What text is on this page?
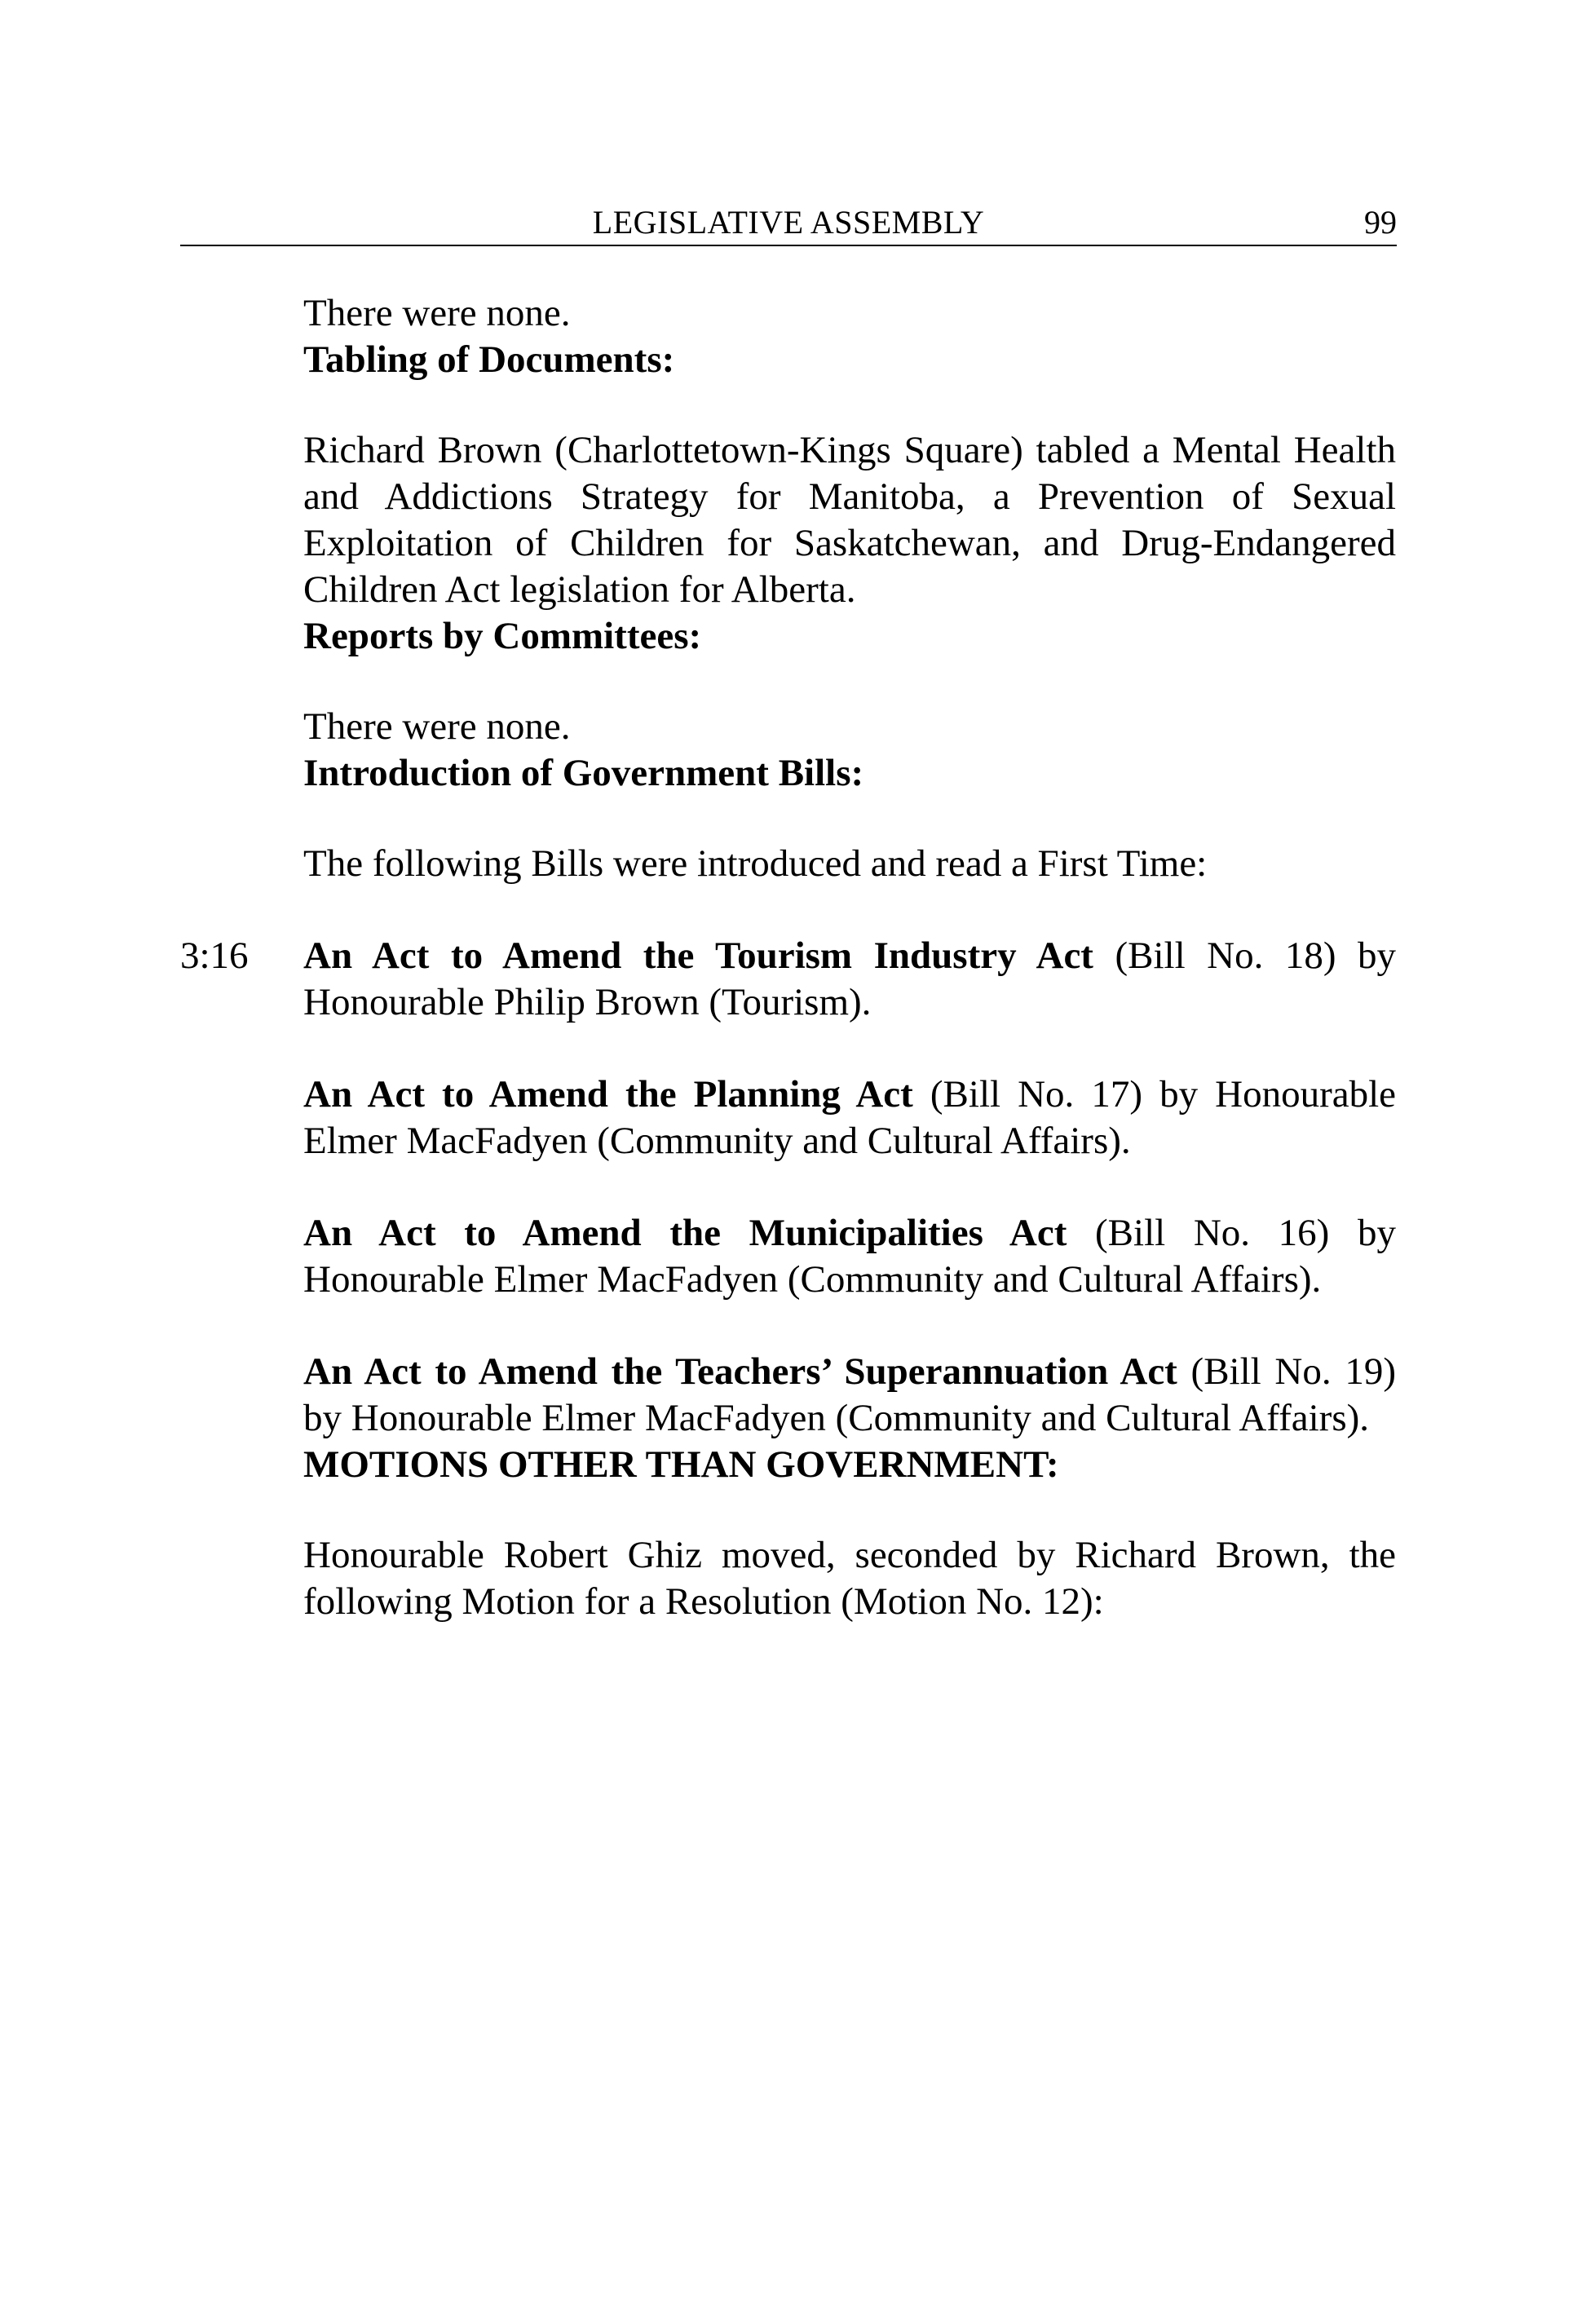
LEGISLATIVE ASSEMBLY	99

There were none.

Tabling of Documents:

Richard Brown (Charlottetown-Kings Square) tabled a Mental Health and Addictions Strategy for Manitoba, a Prevention of Sexual Exploitation of Children for Saskatchewan, and Drug-Endangered Children Act legislation for Alberta.

Reports by Committees:

There were none.

Introduction of Government Bills:

The following Bills were introduced and read a First Time:

3:16 An Act to Amend the Tourism Industry Act (Bill No. 18) by Honourable Philip Brown (Tourism).

An Act to Amend the Planning Act (Bill No. 17) by Honourable Elmer MacFadyen (Community and Cultural Affairs).

An Act to Amend the Municipalities Act (Bill No. 16) by Honourable Elmer MacFadyen (Community and Cultural Affairs).

An Act to Amend the Teachers’ Superannuation Act (Bill No. 19) by Honourable Elmer MacFadyen (Community and Cultural Affairs).

MOTIONS OTHER THAN GOVERNMENT:

Honourable Robert Ghiz moved, seconded by Richard Brown, the following Motion for a Resolution (Motion No. 12):
